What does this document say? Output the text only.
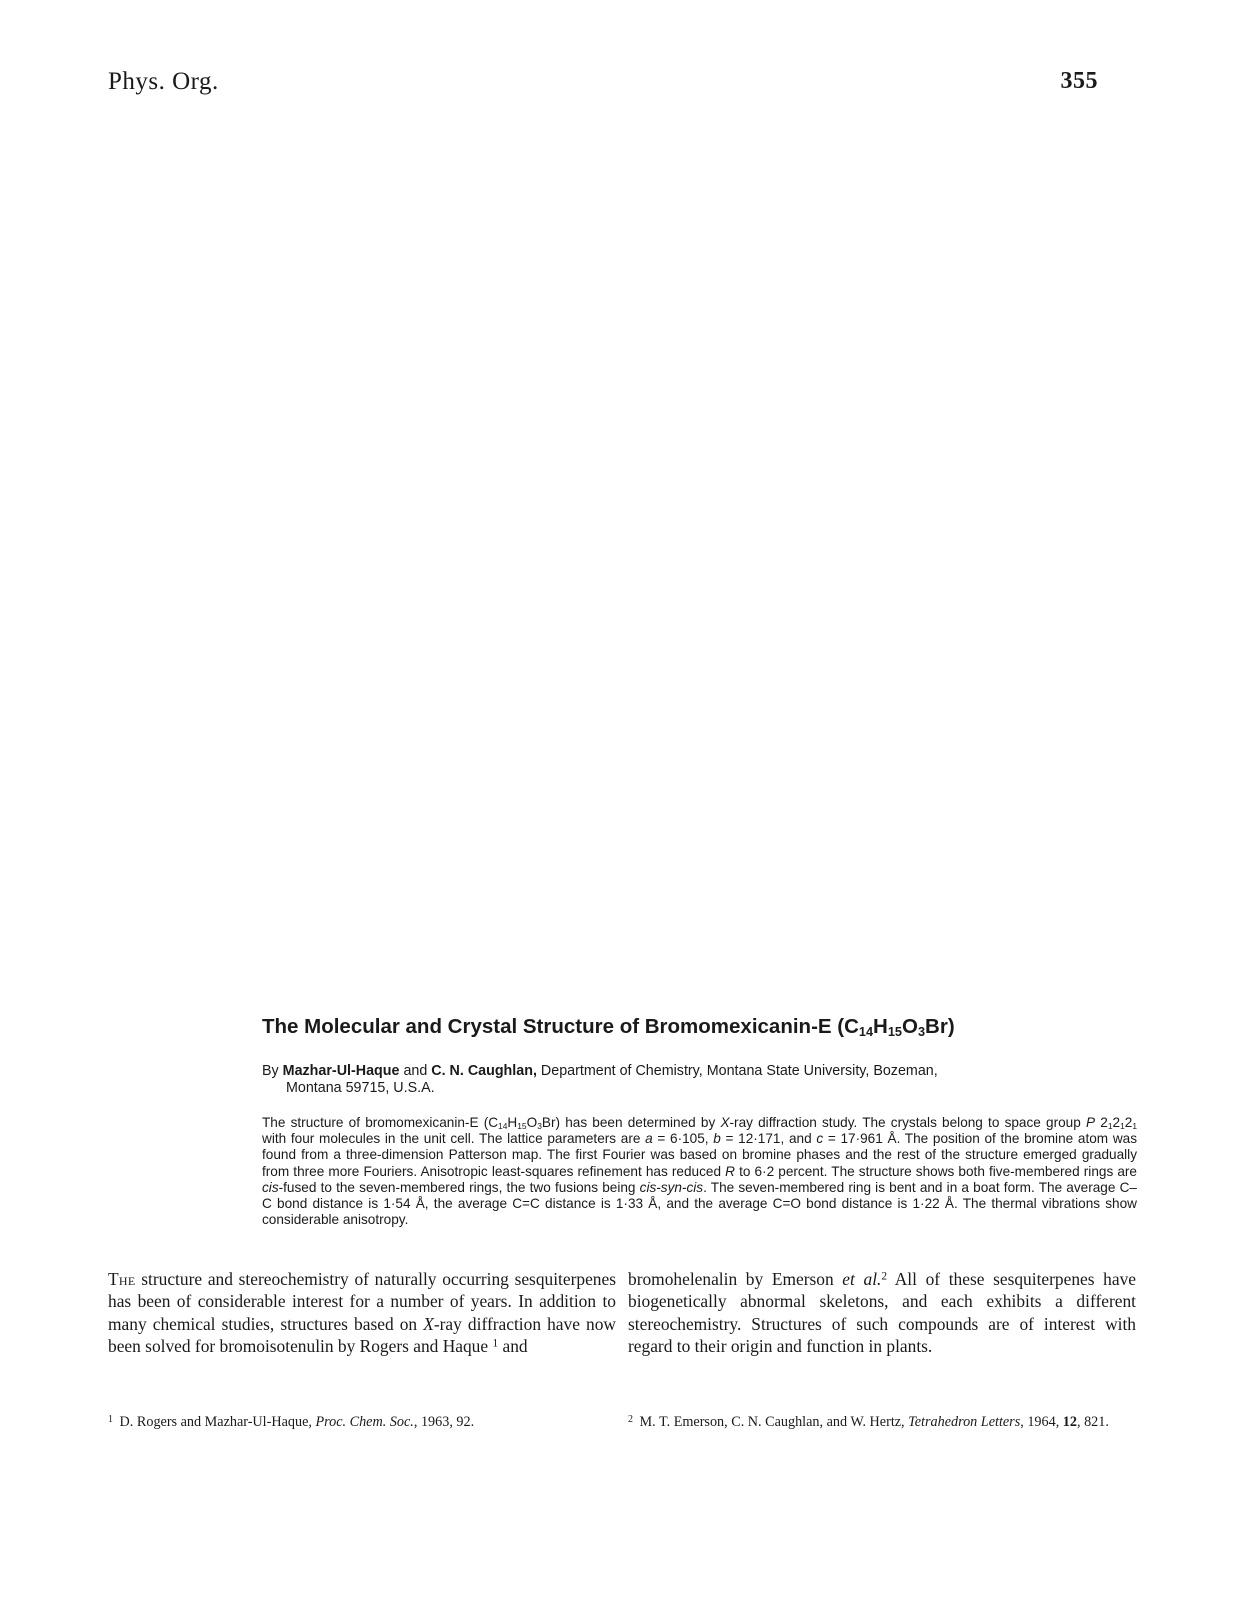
Phys. Org.	355
The Molecular and Crystal Structure of Bromomexicanin-E $(C_{14}H_{15}O_3Br)$
By Mazhar-Ul-Haque and C. N. Caughlan, Department of Chemistry, Montana State University, Bozeman,
Montana 59715, U.S.A.

The structure of bromomexicanin-E $(C_{14}H_{15}O_3Br)$ has been determined by X-ray diffraction study. The crystals belong to space group P $2_12_12_1$ with four molecules in the unit cell. The lattice parameters are a = 6·105, b = 12·171, and c = 17·961 Å. The position of the bromine atom was found from a three-dimension Patterson map. The first Fourier was based on bromine phases and the rest of the structure emerged gradually from three more Fouriers. Anisotropic least-squares refinement has reduced R to 6·2 percent. The structure shows both five-membered rings are cis-fused to the seven-membered rings, the two fusions being cis-syn-cis. The seven-membered ring is bent and in a boat form. The average C–C bond distance is 1·54 Å, the average C=C distance is 1·33 Å, and the average C=O bond distance is 1·22 Å. The thermal vibrations show considerable anisotropy.

The structure and stereochemistry of naturally occurring sesquiterpenes has been of considerable interest for a number of years. In addition to many chemical studies, structures based on X-ray diffraction have now been solved for bromoisotenulin by Rogers and Haque $^1$ and

bromohelenalin by Emerson et al.$^2$ All of these sesquiterpenes have biogenetically abnormal skeletons, and each exhibits a different stereochemistry. Structures of such compounds are of interest with regard to their origin and function in plants.

$^1$ D. Rogers and Mazhar-Ul-Haque, Proc. Chem. Soc., 1963, 92.	$^2$ M. T. Emerson, C. N. Caughlan, and W. Hertz, Tetrahedron Letters, 1964, 12, 821.
